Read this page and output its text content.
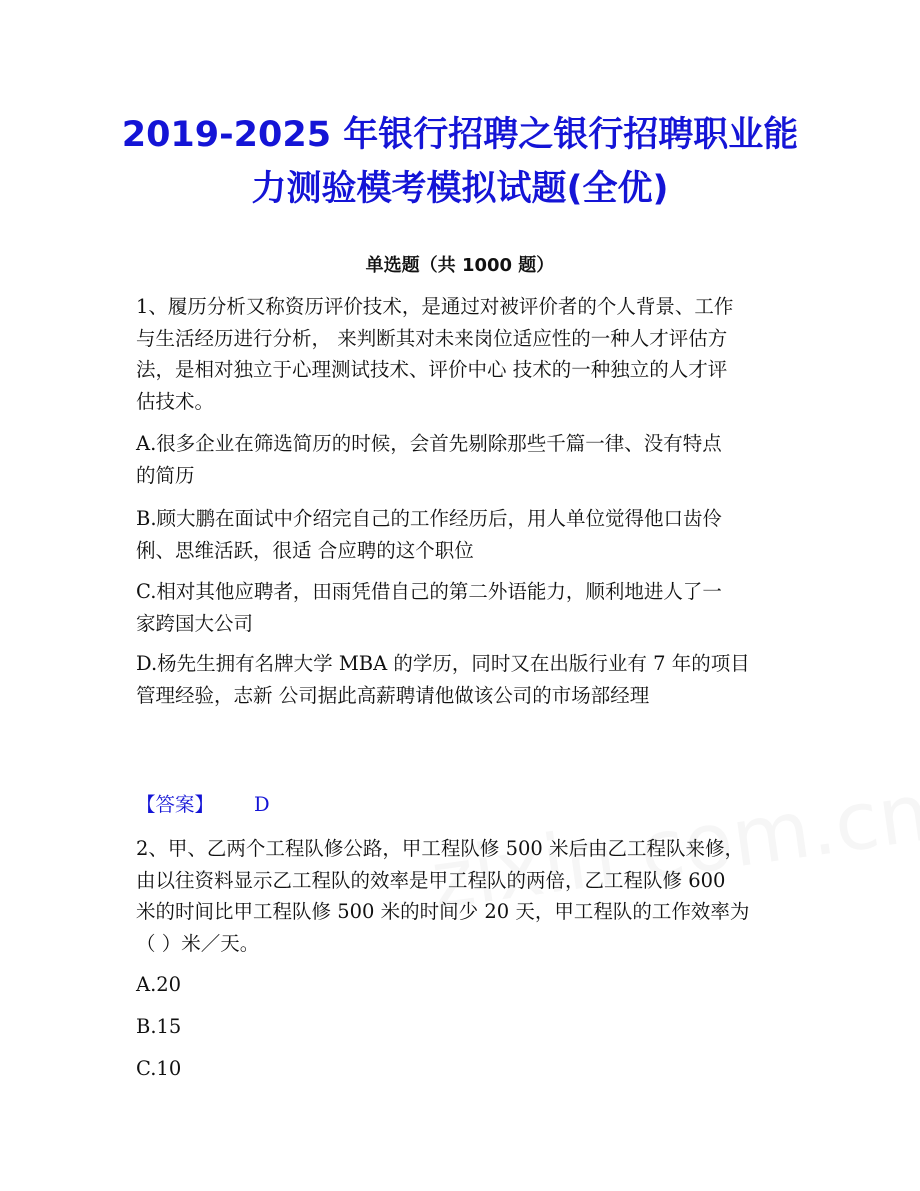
2019-2025 年银行招聘之银行招聘职业能
力测验模考模拟试题(全优)
单选题（共 1000 题）
1、履历分析又称资历评价技术，是通过对被评价者的个人背景、工作
与生活经历进行分析， 来判断其对未来岗位适应性的一种人才评估方
法，是相对独立于心理测试技术、评价中心 技术的一种独立的人才评
估技术。
A.很多企业在筛选简历的时候，会首先剔除那些千篇一律、没有特点
的简历
B.顾大鹏在面试中介绍完自己的工作经历后，用人单位觉得他口齿伶
俐、思维活跃，很适 合应聘的这个职位
C.相对其他应聘者，田雨凭借自己的第二外语能力，顺利地进人了一
家跨国大公司
D.杨先生拥有名牌大学 MBA 的学历，同时又在出版行业有 7 年的项目
管理经验，志新 公司据此高薪聘请他做该公司的市场部经理
【答案】 D
2、甲、乙两个工程队修公路，甲工程队修 500 米后由乙工程队来修，
由以往资料显示乙工程队的效率是甲工程队的两倍，乙工程队修 600
米的时间比甲工程队修 500 米的时间少 20 天，甲工程队的工作效率为
（ ）米／天。
A.20
B.15
C.10
